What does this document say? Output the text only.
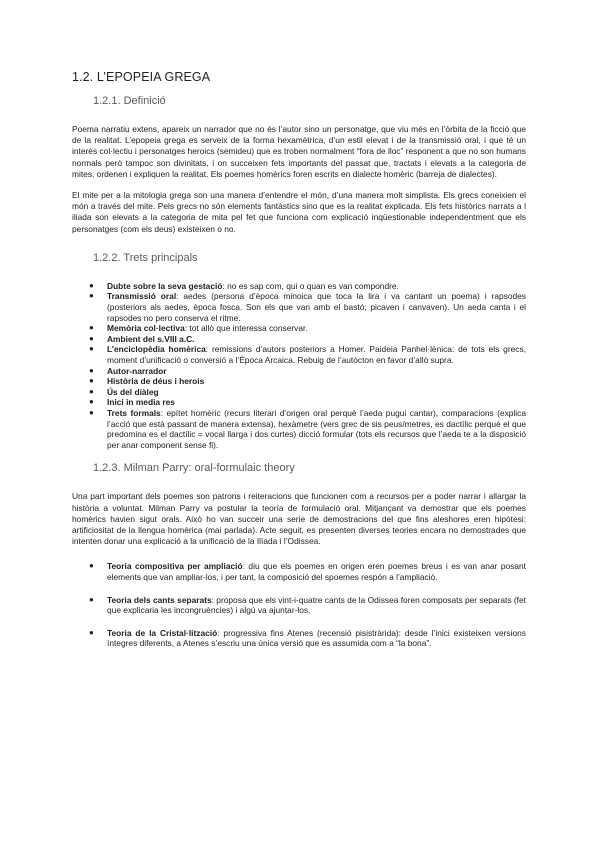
1.2. L’EPOPEIA GREGA
1.2.1. Definició

Poema narratiu extens, apareix un narrador que no és l’autor sino un personatge, que viu més en l’òrbita de la ficció que de la realitat. L’epopeia grega es serveix de la forma hexamètrica, d’un estil elevat i de la transmissió oral, i que té un interès col·lectiu i personatges heroics (semideu) que es troben normalment “fora de lloc” responent a que no son humans normals però tampoc son divinitats, i on succeixen fets importants del passat que, tractats i elevats a la categoria de mites, ordenen i expliquen la realitat. Els poemes homèrics foren escrits en dialecte homèric (barreja de dialectes).

El mite per a la mitologia grega son una manera d’entendre el món, d’una manera molt simplista. Els grecs coneixien el món a través del mite. Pels grecs no són elements fantàstics sino que es la realitat explicada. Els fets històrics narrats a l iliada son elevats a la categoria de mita pel fet que funciona com explicació inqüestionable independentment que els personatges (com els deus) existeixen o no.

1.2.2. Trets principals
● Dubte sobre la seva gestació: no es sap com, qui o quan es van compondre.
● Transmissió oral: aedes (persona d’època minoica que toca la lira i va cantant un poema) i rapsodes (posteriors als aedes, època fosca. Son els que van amb el bastó; picaven i canvaven). Un aeda canta i el rapsodes no pero conserva el ritme.
● Memòria col·lectiva: tot allò que interessa conservar.
● Ambient del s.VIII a.C.
● L’enciclopèdia homèrica: remissions d’autors posteriors a Homer. Paideia Panhel·lènica: de tots els grecs, moment d’unificació o conversió a l’Època Arcaica. Rebuig de l’autòcton en favor d’allò supra.
● Autor-narrador
● Història de déus i herois
● Ús del diàleg
● Inici in media res
● Trets formals: epítet homèric (recurs literari d’origen oral perquè l’aeda pugui cantar), comparacions (explica l’acció que està passant de manera extensa), hexàmetre (vers grec de sis peus/metres, es dactílic perquè el que predomina es el dactílic = vocal llarga i dos curtes) dicció formular (tots els recursos que l’aeda te a la disposició per anar component sense fi).
1.2.3. Milman Parry: oral-formulaic theory

Una part important dels poemes son patrons i reiteracions que funcionen com a recursos per a poder narrar i allargar la història a voluntat. Milman Parry va postular la teoría de formulació oral. Mitjançant va demostrar que els poemes homèrics havien sigut orals. Això ho van succeir una serie de demostracions del que fins aleshores eren hipòtesi: artificiositat de la llengua homèrica (mai parlada). Acte seguit, es presenten diverses teories encara no demostrades que intenten donar una explicació a la unificació de la Ilíada i l’Odissea.

● Teoria compositiva per ampliació: diu que els poemes en origen eren poemes breus i es van anar posant elements que van ampliar-los, i per tant, la composició del spoemes respón a l’ampliació.
● Teoria dels cants separats: proposa que els vint-i-quatre cants de la Odissea foren composats per separats (fet que explicaria les incongruències) i algú va ajuntar-los.
● Teoria de la Cristal·lització: progressiva fins Atenes (recensió pisistràrida): desde l’inici existeixen versions íntegres diferents, a Atenes s’escriu una única versió que es assumida com a “la bona”.
